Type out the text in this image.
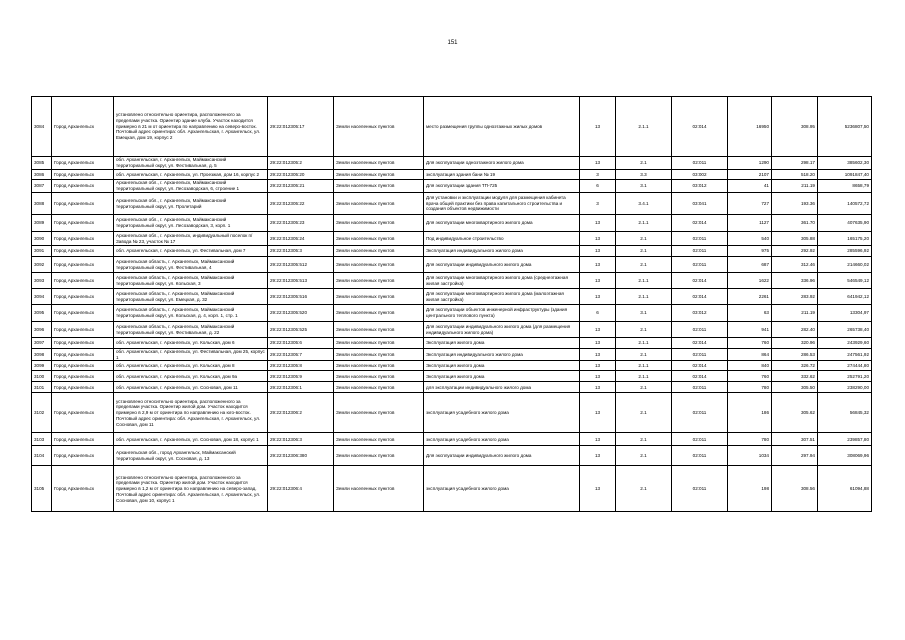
151
3084	Город Архангельск	установлено относительно ориентира, расположенного за пределами участка. Ориентир здание клуба. Участок находится примерно в 21 м от ориентира по направлению на северо-восток. Почтовый адрес ориентира: обл. Архангельская, г. Архангельск, ул. Емецкая, дом 19, корпус 2	29:22:012305:17	Земли населенных пунктов	место размещения группы одноэтажных жилых домов	13	2.1.1	02:014	16950	308.95	5236807,50
3085	Город Архангельск	обл. Архангельская, г. Архангельск, Маймаксанский территориальный округ, ул. Фестивальная, д. 5	29:22:012305:2	Земли населенных пунктов	Для эксплуатации одноэтажного жилого дома	13	2.1	02:011	1290	298.17	385602,30
3086	Город Архангельск	обл. Архангельская, г. Архангельск, ул. Проезжая, дом 16, корпус 2	29:22:012305:20	Земли населенных пунктов	эксплуатация здания бани № 19	3	3.3	03:002	2107	518.20	1091847,40
3087	Город Архангельск	Архангельская обл., г. Архангельск, Маймаксанский территориальный округ, ул. Лесозаводская, 6, строение 1	29:22:012305:21	Земли населенных пунктов	Для эксплуатации здания ТП-725	6	3.1	03:012	41	211.19	8658,79
3088	Город Архангельск	Архангельская обл., г. Архангельск, Маймаксанский территориальный округ, ул. Пролетарий	29:22:012305:22	Земли населенных пунктов	Для установки и эксплуатации модуля для размещения кабинета врача общей практики без права капитального строительства и создания объектов недвижимости	3	3.4.1	03:041	727	193.36	140572,72
3089	Город Архангельск	Архангельская обл., г. Архангельск, Маймаксанский территориальный округ, ул. Лесозаводская, 3, корп. 1	29:22:012305:23	Земли населенных пунктов	Для эксплуатации многоквартирного жилого дома	13	2.1.1	02:014	1127	361.70	407635,90
3090	Город Архангельск	Архангельская обл., г. Архангельск, индивидуальный поселок п/Завода № 23, участок № 17	29:22:012305:24	Земли населенных пунктов	Под индивидуальное строительство	13	2.1	02:011	540	305.88	165175,20
3091	Город Архангельск	обл. Архангельская, г. Архангельск, ул. Фестивальная, дом 7	29:22:012305:3	Земли населенных пунктов	Эксплуатация индивидуального жилого дома	13	2.1	02:011	975	292.92	285596,92
3092	Город Архангельск	Архангельская область, г. Архангельск, Маймаксанский территориальный округ, ул. Фестивальная, 4	29:22:012305:512	Земли населенных пунктов	Для эксплуатации индивидуального жилого дома	13	2.1	02:011	687	312.46	214660,02
3093	Город Архангельск	Архангельская область, г. Архангельск, Маймаксанский территориальный округ, ул. Кольская, 3	29:22:012305:513	Земли населенных пунктов	Для эксплуатации многоквартирного жилого дома (среднеэтажная жилая застройка)	13	2.1.1	02:014	1622	336.96	546549,12
3094	Город Архангельск	Архангельская область, г. Архангельск, Маймаксанский территориальный округ, ул. Емецкая, д. 32	29:22:012305:516	Земли населенных пунктов	Для эксплуатации многоквартирного жилого дома (малоэтажная жилая застройка)	13	2.1.1	02:014	2261	283.92	641942,12
3095	Город Архангельск	Архангельская область, г. Архангельск, Маймаксанский территориальный округ, ул. Кольская, д. 4, корп. 1, стр. 1	29:22:012305:520	Земли населенных пунктов	Для эксплуатации объектов инженерной инфраструктуры (здания центрального теплового пункта)	6	3.1	03:012	63	211.19	13304,97
3096	Город Архангельск	Архангельская область, г. Архангельск, Маймаксанский территориальный округ, ул. Фестивальная, д. 22	29:22:012305:525	Земли населенных пунктов	Для эксплуатации индивидуального жилого дома (для размещения индивидуального жилого дома)	13	2.1	02:011	941	282.40	265738,40
3097	Город Архангельск	обл. Архангельская, г. Архангельск, ул. Кольская, дом 6	29:22:012305:6	Земли населенных пунктов	Эксплуатация жилого дома	13	2.1.1	02:014	760	320.96	243929,60
3098	Город Архангельск	обл. Архангельская, г. Архангельск, ул. Фестивальная, дом 25, корпус 1	29:22:012305:7	Земли населенных пунктов	Эксплуатация индивидуального жилого дома	13	2.1	02:011	864	286.53	247561,92
3099	Город Архангельск	обл. Архангельская, г. Архангельск, ул. Кольская, дом 8	29:22:012305:8	Земли населенных пунктов	Эксплуатация жилого дома	13	2.1.1	02:014	840	326.72	274444,80
3100	Город Архангельск	обл. Архангельская, г. Архангельск, ул. Кольская, дом 9а	29:22:012305:9	Земли населенных пунктов	Эксплуатация жилого дома	13	2.1.1	02:014	760	332.62	252791,20
3101	Город Архангельск	обл. Архангельская, г. Архангельск, ул. Сосновая, дом 11	29:22:012306:1	Земли населенных пунктов	для эксплуатации индивидуального жилого дома	13	2.1	02:011	780	305.50	238290,00
3102	Город Архангельск	установлено относительно ориентира, расположенного за пределами участка. Ориентир жилой дом. Участок находится примерно в 2,9 м от ориентира по направлению на юго-восток. Почтовый адрес ориентира: обл. Архангельская, г. Архангельск, ул. Сосновая, дом 11	29:22:012306:2	Земли населенных пунктов	эксплуатация усадебного жилого дома	13	2.1	02:011	186	305.62	56845,32
3103	Город Архангельск	обл. Архангельская, г. Архангельск, ул. Сосновая, дом 18, корпус 1	29:22:012306:3	Земли населенных пунктов	эксплуатация усадебного жилого дома	13	2.1	02:011	780	307.51	239857,80
3104	Город Архангельск	Архангельская обл., город Архангельск, Маймаксанский территориальный округ, ул. Сосновая, д. 13	29:22:012306:380	Земли населенных пунктов	Для эксплуатации индивидуального жилого дома	13	2.1	02:011	1034	297.94	308069,96
3105	Город Архангельск	установлено относительно ориентира, расположенного за пределами участка. Ориентир жилой дом. Участок находится примерно в 1,2 м от ориентира по направлению на северо-запад. Почтовый адрес ориентира: обл. Архангельская, г. Архангельск, ул. Сосновая, дом 10, корпус 1	29:22:012306:4	Земли населенных пунктов	эксплуатация усадебного жилого дома	13	2.1	02:011	198	308.56	61094,88
